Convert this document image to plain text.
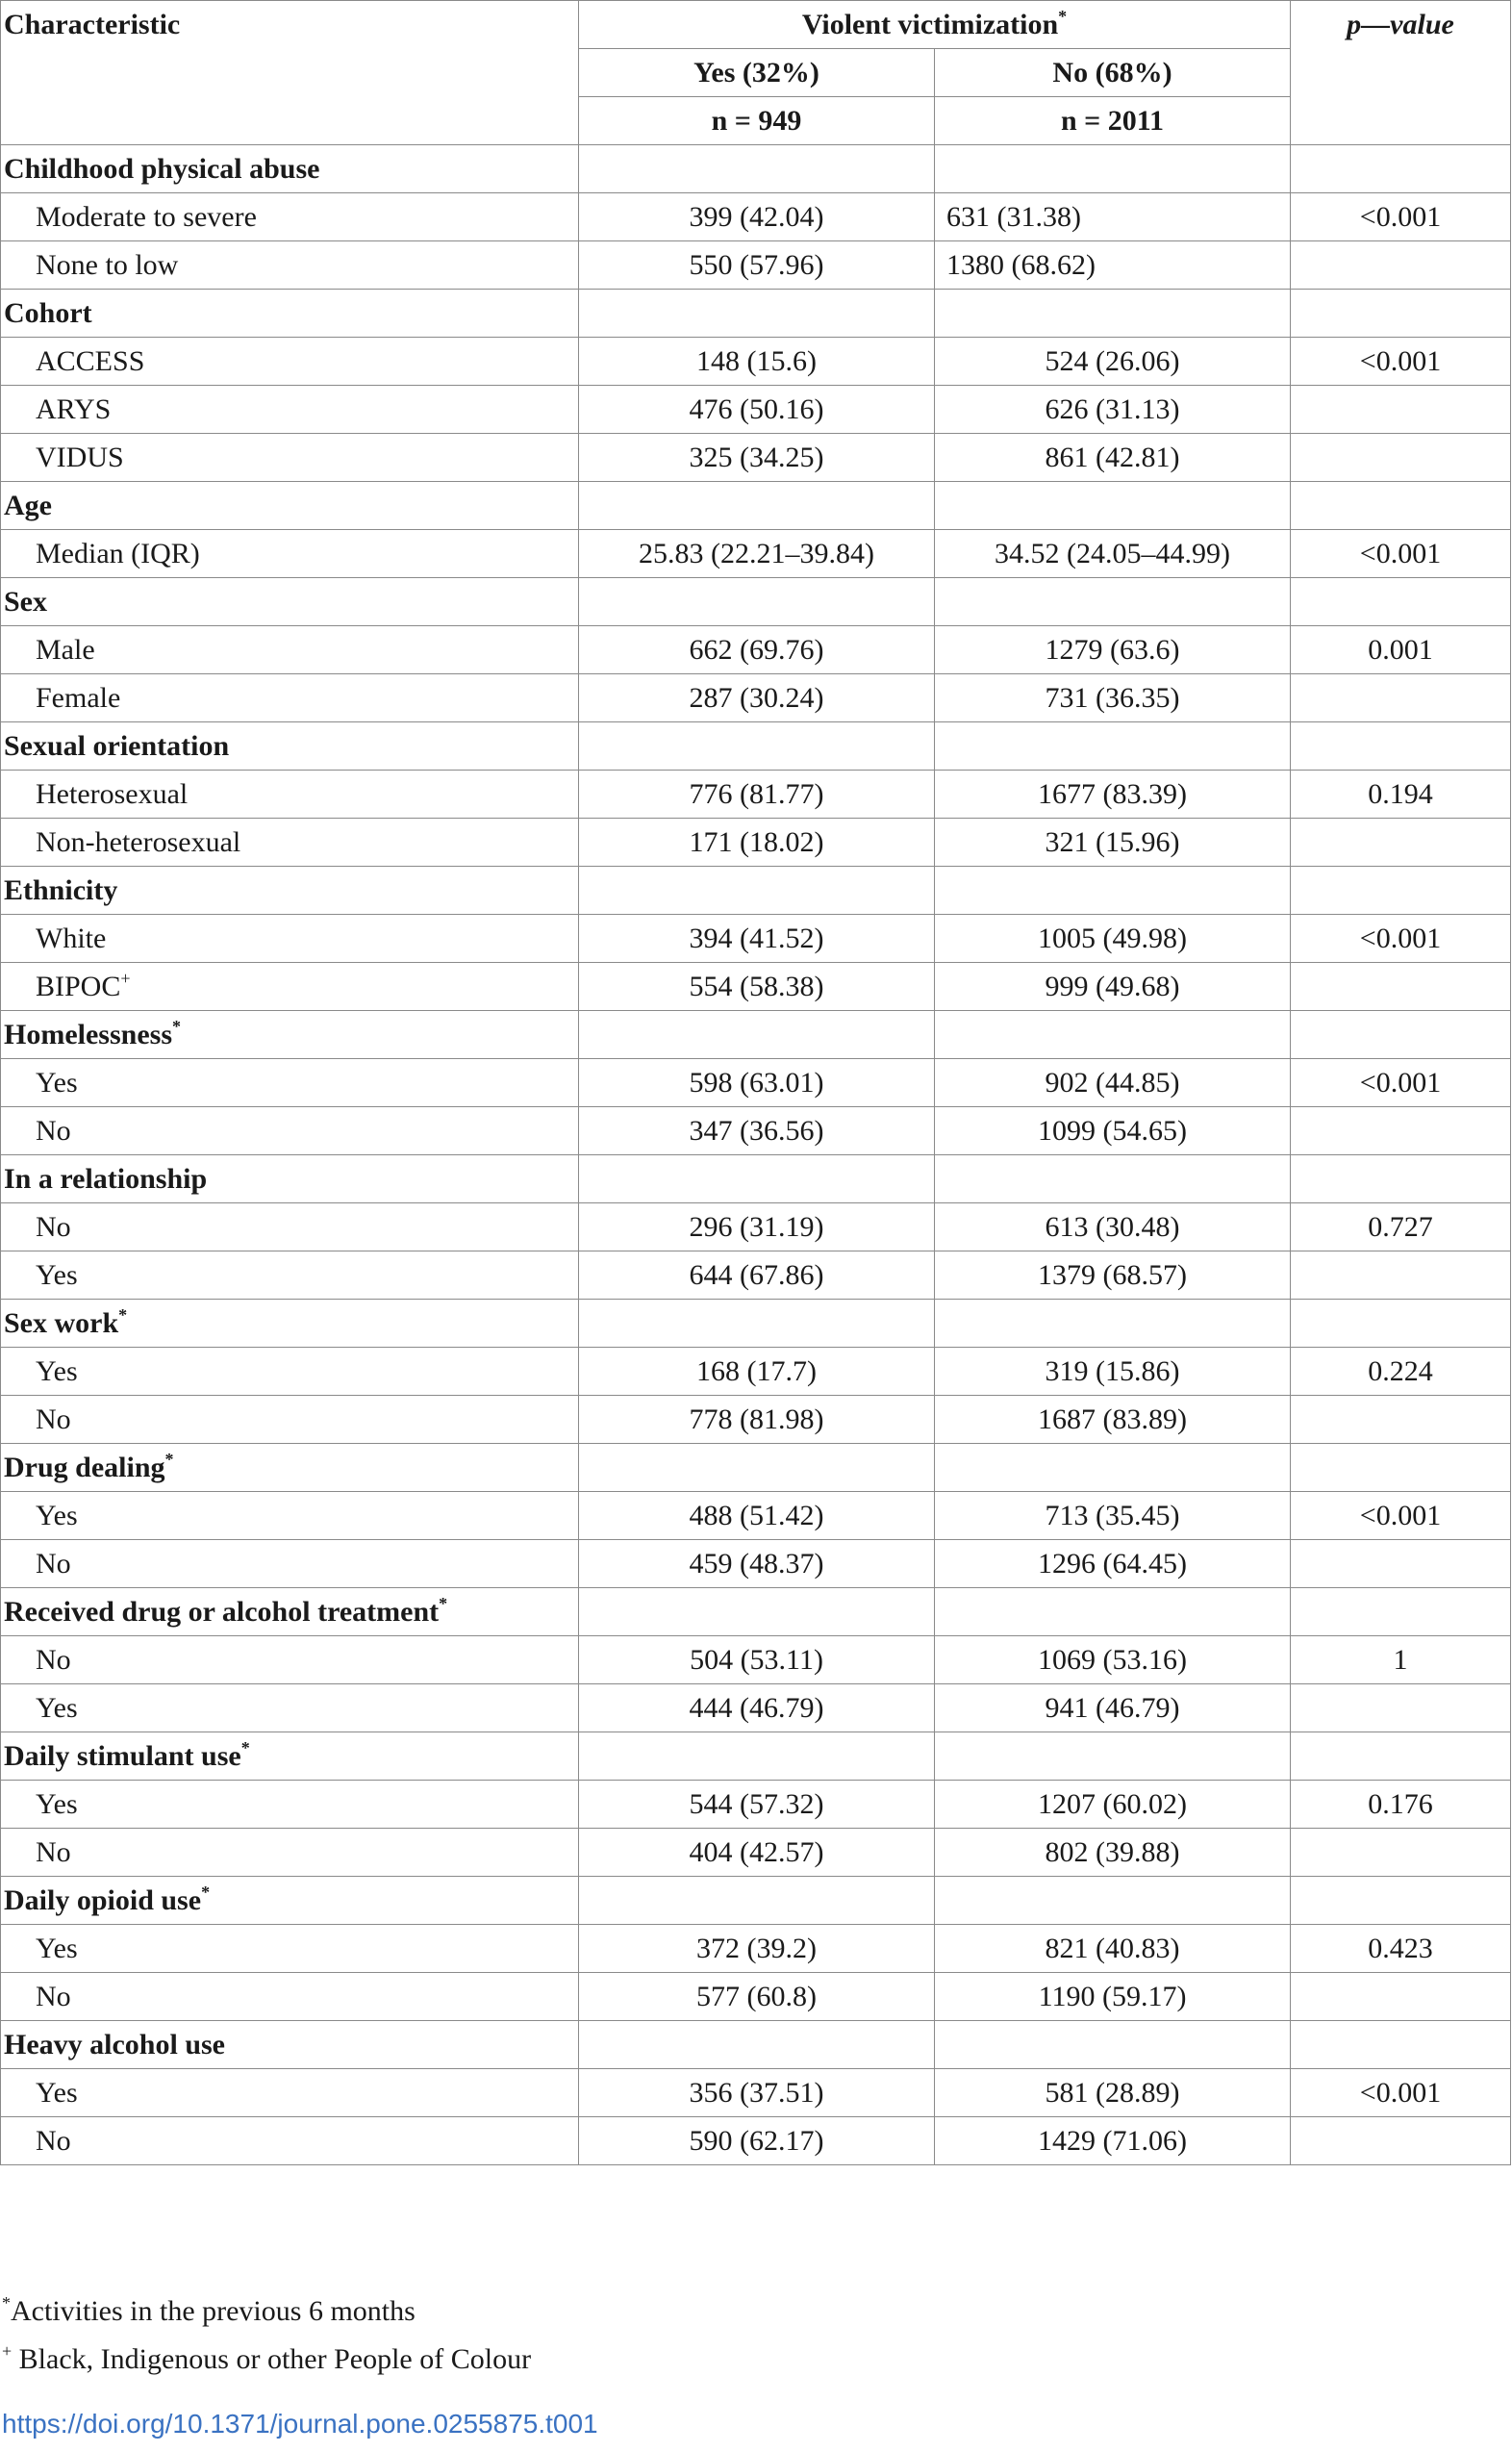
Characteristic	Violent victimization*		p—value
	Yes (32%)	No (68%)	
	n = 949	n = 2011	
Childhood physical abuse			
Moderate to severe	399 (42.04)	631 (31.38)	<0.001
None to low	550 (57.96)	1380 (68.62)	
Cohort			
ACCESS	148 (15.6)	524 (26.06)	<0.001
ARYS	476 (50.16)	626 (31.13)	
VIDUS	325 (34.25)	861 (42.81)	
Age			
Median (IQR)	25.83 (22.21–39.84)	34.52 (24.05–44.99)	<0.001
Sex			
Male	662 (69.76)	1279 (63.6)	0.001
Female	287 (30.24)	731 (36.35)	
Sexual orientation			
Heterosexual	776 (81.77)	1677 (83.39)	0.194
Non-heterosexual	171 (18.02)	321 (15.96)	
Ethnicity			
White	394 (41.52)	1005 (49.98)	<0.001
BIPOC+	554 (58.38)	999 (49.68)	
Homelessness*			
Yes	598 (63.01)	902 (44.85)	<0.001
No	347 (36.56)	1099 (54.65)	
In a relationship			
No	296 (31.19)	613 (30.48)	0.727
Yes	644 (67.86)	1379 (68.57)	
Sex work*			
Yes	168 (17.7)	319 (15.86)	0.224
No	778 (81.98)	1687 (83.89)	
Drug dealing*			
Yes	488 (51.42)	713 (35.45)	<0.001
No	459 (48.37)	1296 (64.45)	
Received drug or alcohol treatment*			
No	504 (53.11)	1069 (53.16)	1
Yes	444 (46.79)	941 (46.79)	
Daily stimulant use*			
Yes	544 (57.32)	1207 (60.02)	0.176
No	404 (42.57)	802 (39.88)	
Daily opioid use*			
Yes	372 (39.2)	821 (40.83)	0.423
No	577 (60.8)	1190 (59.17)	
Heavy alcohol use			
Yes	356 (37.51)	581 (28.89)	<0.001
No	590 (62.17)	1429 (71.06)	
*Activities in the previous 6 months
+ Black, Indigenous or other People of Colour
https://doi.org/10.1371/journal.pone.0255875.t001
